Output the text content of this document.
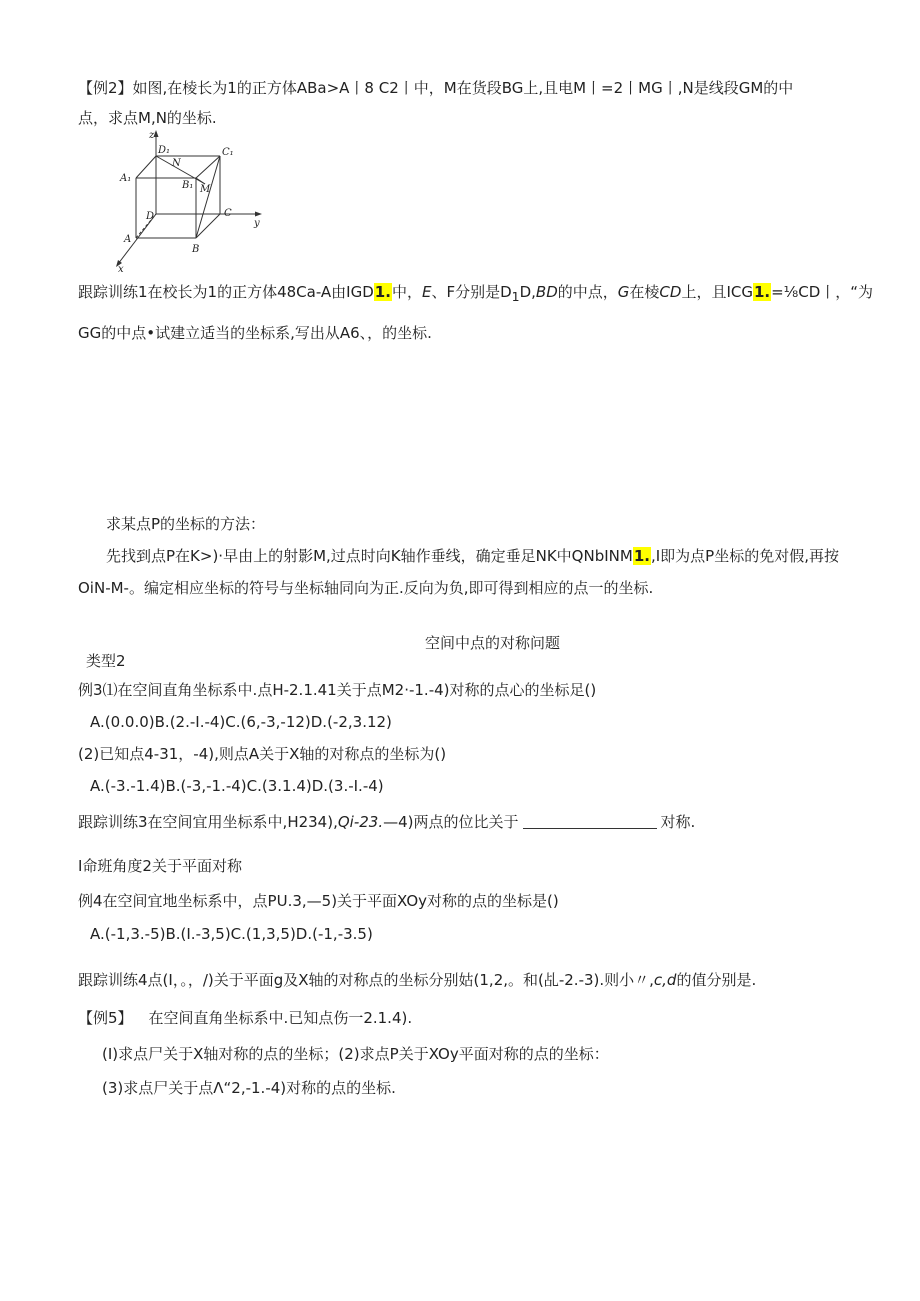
【例2】如图,在棱长为1的正方体ABa>A丨8 C2丨中，M在货段BG上,且电M丨=2丨MG丨,N是线段GM的中
点，求点M,N的坐标.
z
y
x
D₁	C₁
A₁
B₁
N
M
D	C
A
B
跟踪训练1在校长为1的正方体48Ca-A由IGD1.中，E、F分别是$D_1D,BD$的中点，G在棱CD上，且ICG1.=⅛CD丨，“为
GG的中点•试建立适当的坐标系,写出从A6、，的坐标.
求某点P的坐标的方法：
先找到点P在K>)·早由上的射影M,过点时向K轴作垂线，确定垂足NK中QNbINM1.,I即为点P坐标的免对假,再按
OiN-M-。编定相应坐标的符号与坐标轴同向为正.反向为负,即可得到相应的点一的坐标.
空间中点的对称问题
类型2
例3⑴在空间直角坐标系中.点H-2.1.41关于点M2·-1.-4)对称的点心的坐标足()
A.(0.0.0)B.(2.-I.-4)C.(6,-3,-12)D.(-2,3.12)
(2)已知点4-31，-4),则点A关于X轴的对称点的坐标为()
A.(-3.-1.4)B.(-3,-1.-4)C.(3.1.4)D.(3.-I.-4)
跟踪训练3在空间宜用坐标系中,H234),Qi-23.—4)两点的位比关于	对称.
I命班角度2关于平面对称
例4在空间宜地坐标系中，点PU.3,—5)关于平面XOy对称的点的坐标是()
A.(-1,3.-5)B.(I.-3,5)C.(1,3,5)D.(-1,-3.5)
跟踪训练4点(I，。，/)关于平面g及X轴的对称点的坐标分别姑(1,2,。和(乩-2.-3).则小〃,c,d的值分别是.
【例5】 在空间直角坐标系中.已知点伤一2.1.4).
(I)求点尸关于X轴对称的点的坐标；(2)求点P关于XOy平面对称的点的坐标：
(3)求点尸关于点Λ“2,-1.-4)对称的点的坐标.
